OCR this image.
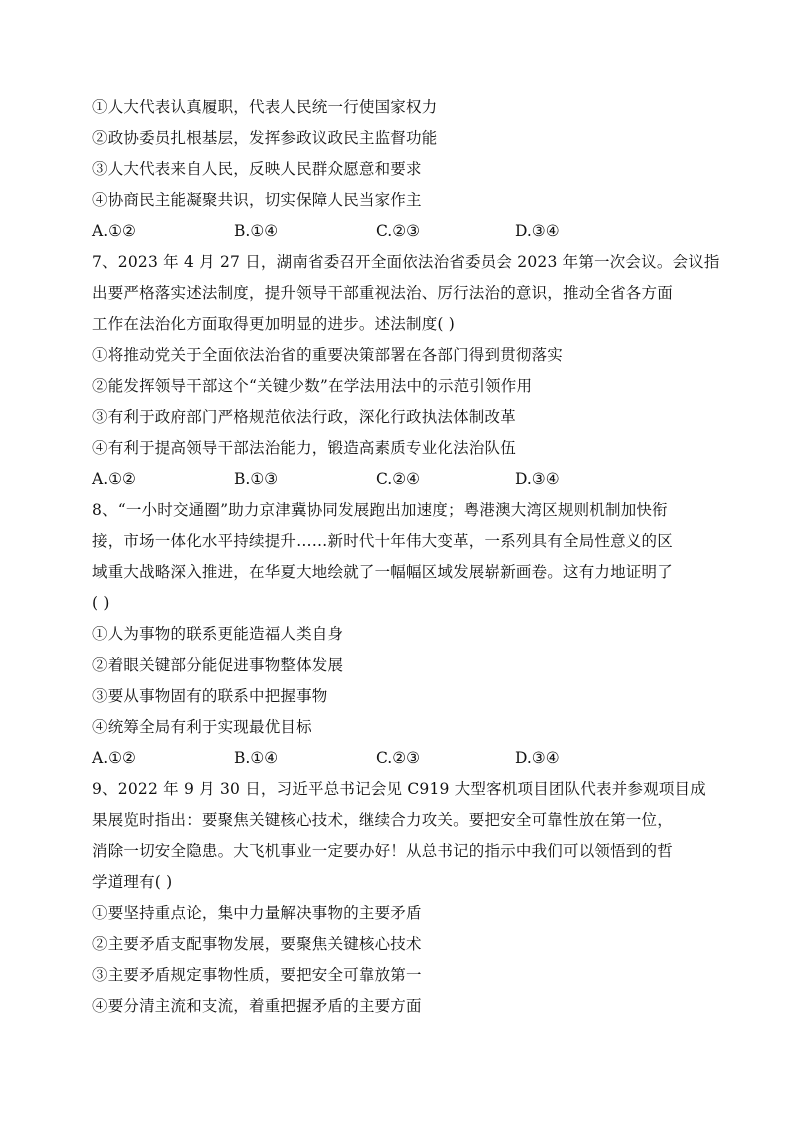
①人大代表认真履职，代表人民统一行使国家权力
②政协委员扎根基层，发挥参政议政民主监督功能
③人大代表来自人民，反映人民群众愿意和要求
④协商民主能凝聚共识，切实保障人民当家作主
A.①②	B.①④	C.②③	D.③④
7、2023 年 4 月 27 日，湖南省委召开全面依法治省委员会 2023 年第一次会议。会议指
出要严格落实述法制度，提升领导干部重视法治、厉行法治的意识，推动全省各方面
工作在法治化方面取得更加明显的进步。述法制度( )
①将推动党关于全面依法治省的重要决策部署在各部门得到贯彻落实
②能发挥领导干部这个“关键少数”在学法用法中的示范引领作用
③有利于政府部门严格规范依法行政，深化行政执法体制改革
④有利于提高领导干部法治能力，锻造高素质专业化法治队伍
A.①②	B.①③	C.②④	D.③④
8、“一小时交通圈”助力京津冀协同发展跑出加速度；粤港澳大湾区规则机制加快衔
接，市场一体化水平持续提升……新时代十年伟大变革，一系列具有全局性意义的区
域重大战略深入推进，在华夏大地绘就了一幅幅区域发展崭新画卷。这有力地证明了
( )
①人为事物的联系更能造福人类自身
②着眼关键部分能促进事物整体发展
③要从事物固有的联系中把握事物
④统筹全局有利于实现最优目标
A.①②	B.①④	C.②③	D.③④
9、2022 年 9 月 30 日，习近平总书记会见 C919 大型客机项目团队代表并参观项目成
果展览时指出：要聚焦关键核心技术，继续合力攻关。要把安全可靠性放在第一位，
消除一切安全隐患。大飞机事业一定要办好！从总书记的指示中我们可以领悟到的哲
学道理有( )
①要坚持重点论，集中力量解决事物的主要矛盾
②主要矛盾支配事物发展，要聚焦关键核心技术
③主要矛盾规定事物性质，要把安全可靠放第一
④要分清主流和支流，着重把握矛盾的主要方面
